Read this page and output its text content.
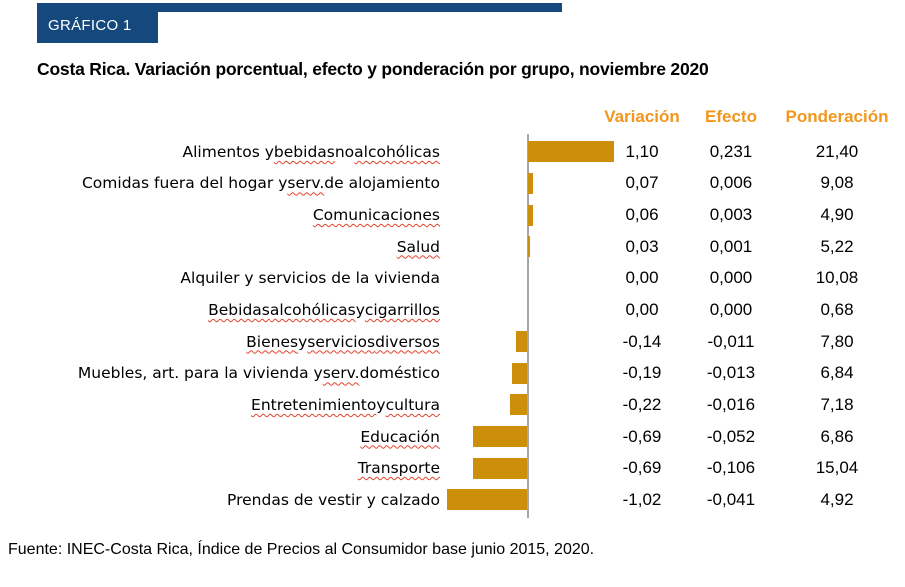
GRÁFICO 1
Costa Rica. Variación porcentual, efecto y ponderación por grupo, noviembre 2020
Variación	Efecto	Ponderación
Alimentos y bebidas no alcohólicas	1,10	0,231	21,40
Comidas fuera del hogar y serv. de alojamiento	0,07	0,006	9,08
Comunicaciones	0,06	0,003	4,90
Salud	0,03	0,001	5,22
Alquiler y servicios de la vivienda	0,00	0,000	10,08
Bebidas alcohólicas y cigarrillos	0,00	0,000	0,68
Bienes y servicios diversos	-0,14	-0,011	7,80
Muebles, art. para la vivienda y serv. doméstico	-0,19	-0,013	6,84
Entretenimiento y cultura	-0,22	-0,016	7,18
Educación	-0,69	-0,052	6,86
Transporte	-0,69	-0,106	15,04
Prendas de vestir y calzado	-1,02	-0,041	4,92
Fuente: INEC-Costa Rica, Índice de Precios al Consumidor base junio 2015, 2020.
